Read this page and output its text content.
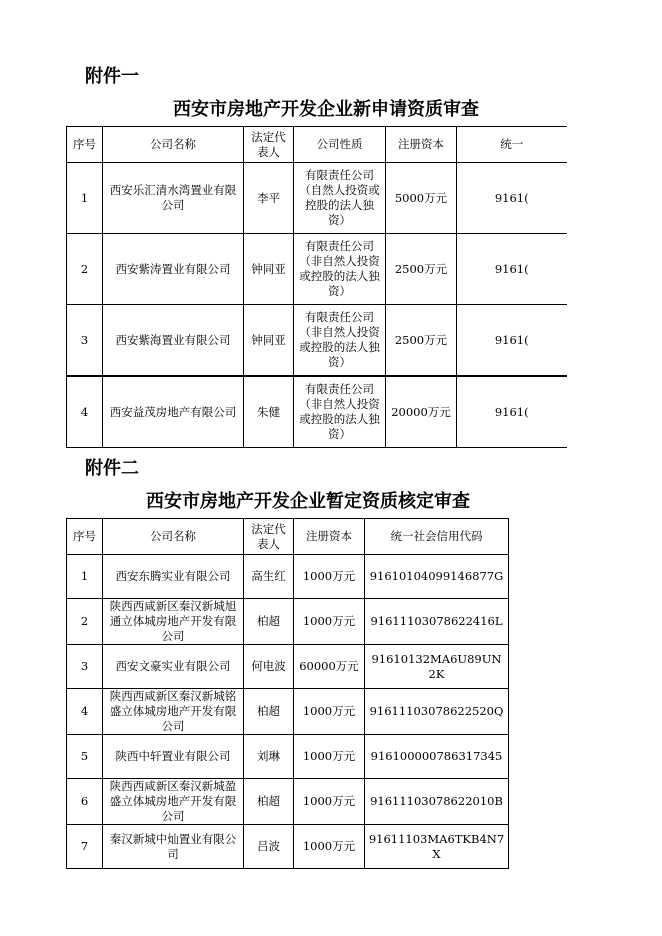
附件一
西安市房地产开发企业新申请资质审查
序号	公司名称	法定代表人	公司性质	注册资本	统一
1	西安乐汇清水湾置业有限公司	李平	有限责任公司（自然人投资或控股的法人独资）	5000万元	9161(
2	西安紫涛置业有限公司	钟同亚	有限责任公司（非自然人投资或控股的法人独资）	2500万元	9161(
3	西安紫海置业有限公司	钟同亚	有限责任公司（非自然人投资或控股的法人独资）	2500万元	9161(
4	西安益茂房地产有限公司	朱健	有限责任公司（非自然人投资或控股的法人独资）	20000万元	9161(
附件二
西安市房地产开发企业暂定资质核定审查
序号	公司名称	法定代表人	注册资本	统一社会信用代码
1	西安东腾实业有限公司	高生红	1000万元	91610104099146877G
2	陕西西咸新区秦汉新城旭通立体城房地产开发有限公司	柏超	1000万元	91611103078622416L
3	西安文豪实业有限公司	何电波	60000万元	91610132MA6U89UN2K
4	陕西西咸新区秦汉新城铭盛立体城房地产开发有限公司	柏超	1000万元	91611103078622520Q
5	陕西中轩置业有限公司	刘琳	1000万元	916100000786317345
6	陕西西咸新区秦汉新城盈盛立体城房地产开发有限公司	柏超	1000万元	91611103078622010B
7	秦汉新城中灿置业有限公司	吕波	1000万元	91611103MA6TKB4N7X
